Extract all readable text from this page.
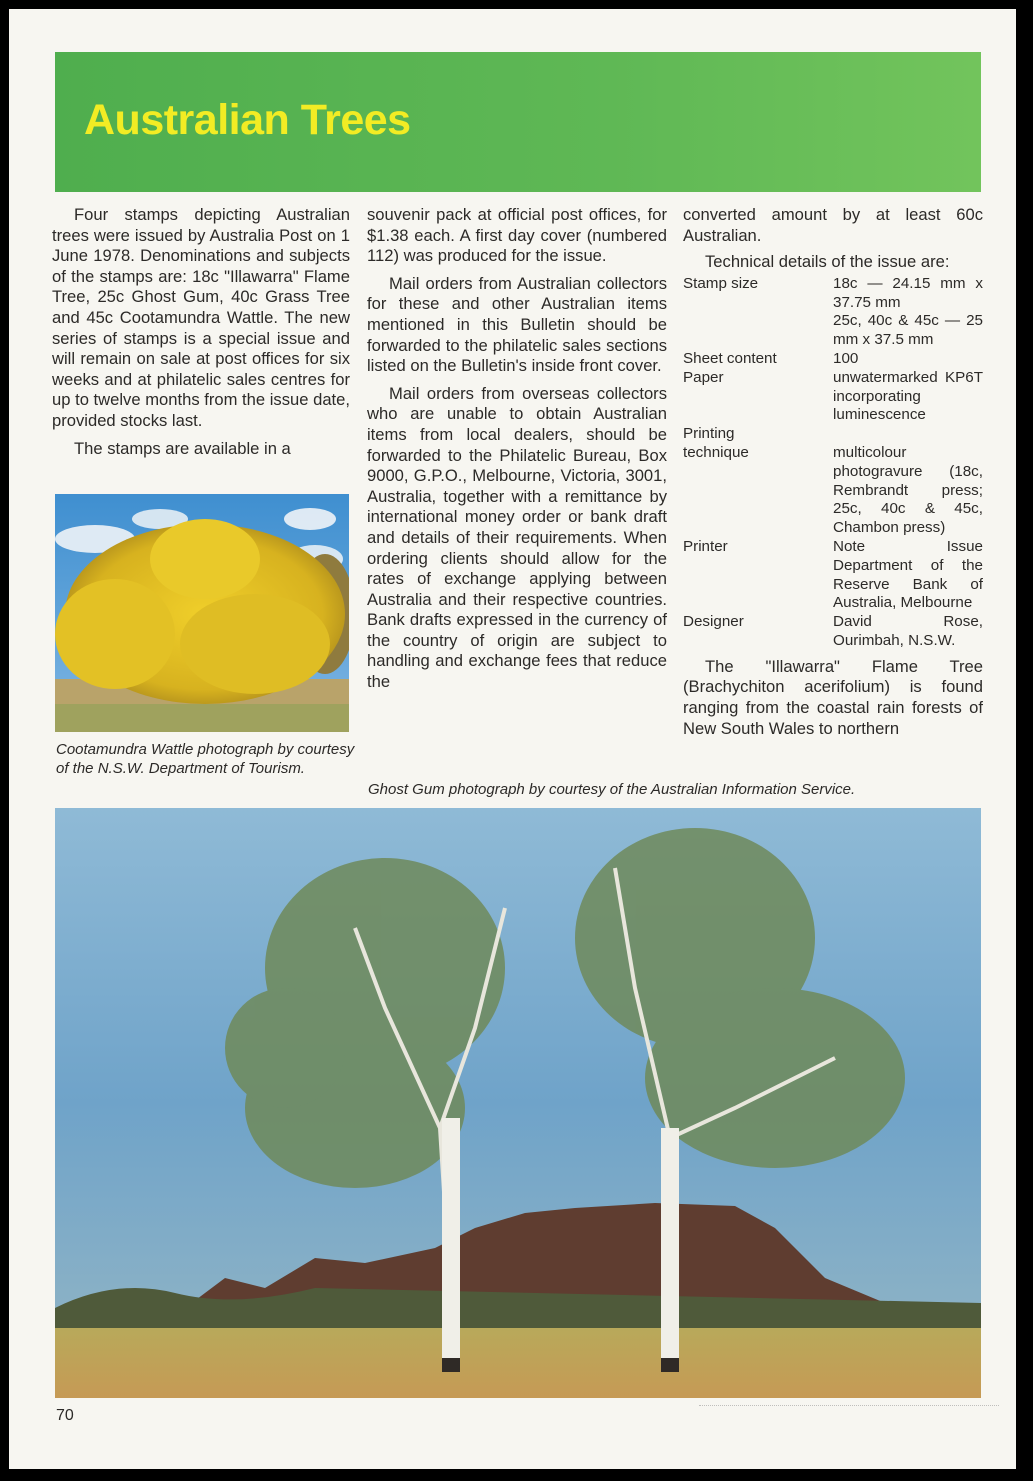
Australian Trees

Four stamps depicting Australian trees were issued by Australia Post on 1 June 1978. Denominations and subjects of the stamps are: 18c "Illawarra" Flame Tree, 25c Ghost Gum, 40c Grass Tree and 45c Cootamundra Wattle. The new series of stamps is a special issue and will remain on sale at post offices for six weeks and at philatelic sales centres for up to twelve months from the issue date, provided stocks last.

The stamps are available in a

Cootamundra Wattle photograph by courtesy of the N.S.W. Department of Tourism.

souvenir pack at official post offices, for $1.38 each. A first day cover (numbered 112) was produced for the issue.

Mail orders from Australian collectors for these and other Australian items mentioned in this Bulletin should be forwarded to the philatelic sales sections listed on the Bulletin's inside front cover.

Mail orders from overseas collectors who are unable to obtain Australian items from local dealers, should be forwarded to the Philatelic Bureau, Box 9000, G.P.O., Melbourne, Victoria, 3001, Australia, together with a remittance by international money order or bank draft and details of their requirements. When ordering clients should allow for the rates of exchange applying between Australia and their respective countries. Bank drafts expressed in the currency of the country of origin are subject to handling and exchange fees that reduce the

converted amount by at least 60c Australian.

Technical details of the issue are:

Stamp size	18c — 24.15 mm x 37.75 mm
25c, 40c & 45c — 25 mm x 37.5 mm
Sheet content	100
Paper	unwatermarked KP6T incorporating luminescence
Printing technique	multicolour photogravure (18c, Rembrandt press; 25c, 40c & 45c, Chambon press)
Printer	Note Issue Department of the Reserve Bank of Australia, Melbourne
Designer	David Rose, Ourimbah, N.S.W.

The "Illawarra" Flame Tree (Brachychiton acerifolium) is found ranging from the coastal rain forests of New South Wales to northern

Ghost Gum photograph by courtesy of the Australian Information Service.
70
